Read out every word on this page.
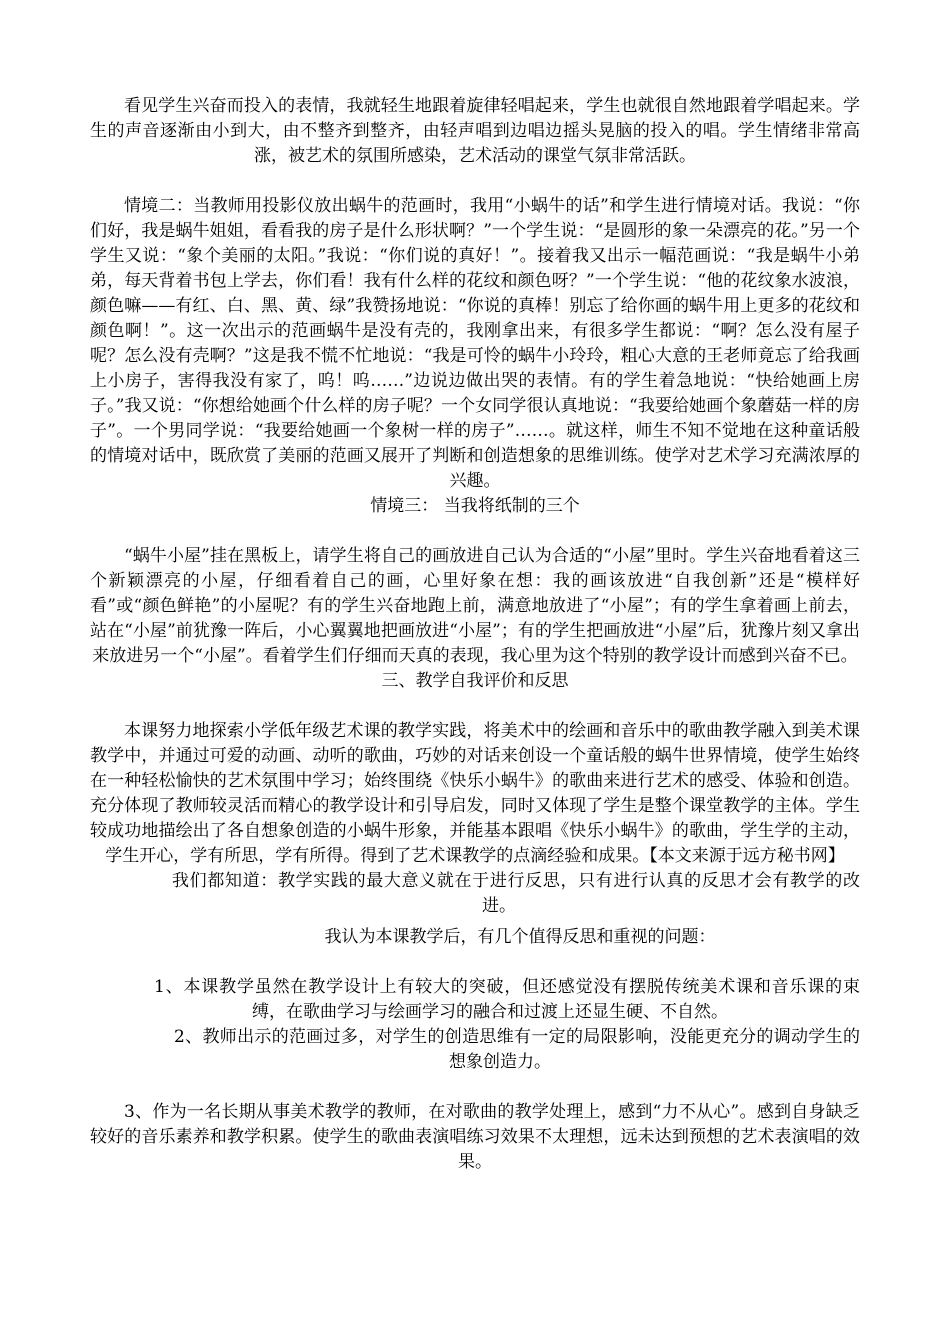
看见学生兴奋而投入的表情，我就轻生地跟着旋律轻唱起来，学生也就很自然地跟着学唱起来。学生的声音逐渐由小到大，由不整齐到整齐，由轻声唱到边唱边摇头晃脑的投入的唱。学生情绪非常高涨，被艺术的氛围所感染，艺术活动的课堂气氛非常活跃。

情境二：当教师用投影仪放出蜗牛的范画时，我用“小蜗牛的话”和学生进行情境对话。我说：“你们好，我是蜗牛姐姐，看看我的房子是什么形状啊？”一个学生说：“是圆形的象一朵漂亮的花。”另一个学生又说：“象个美丽的太阳。”我说：“你们说的真好！”。接着我又出示一幅范画说：“我是蜗牛小弟弟，每天背着书包上学去，你们看！我有什么样的花纹和颜色呀？”一个学生说：“他的花纹象水波浪，颜色嘛——有红、白、黑、黄、绿”我赞扬地说：“你说的真棒！别忘了给你画的蜗牛用上更多的花纹和颜色啊！”。这一次出示的范画蜗牛是没有壳的，我刚拿出来，有很多学生都说：“啊？怎么没有屋子呢？怎么没有壳啊？”这是我不慌不忙地说：“我是可怜的蜗牛小玲玲，粗心大意的王老师竟忘了给我画上小房子，害得我没有家了，呜！呜……”边说边做出哭的表情。有的学生着急地说：“快给她画上房子。”我又说：“你想给她画个什么样的房子呢？一个女同学很认真地说：“我要给她画个象蘑菇一样的房子”。一个男同学说：“我要给她画一个象树一样的房子”……。就这样，师生不知不觉地在这种童话般的情境对话中，既欣赏了美丽的范画又展开了判断和创造想象的思维训练。使学对艺术学习充满浓厚的兴趣。

情境三： 当我将纸制的三个

“蜗牛小屋”挂在黑板上，请学生将自己的画放进自己认为合适的“小屋”里时。学生兴奋地看着这三个新颖漂亮的小屋，仔细看着自己的画，心里好象在想：我的画该放进“自我创新”还是“模样好看”或“颜色鲜艳”的小屋呢？有的学生兴奋地跑上前，满意地放进了“小屋”；有的学生拿着画上前去，站在“小屋”前犹豫一阵后，小心翼翼地把画放进“小屋”；有的学生把画放进“小屋”后，犹豫片刻又拿出来放进另一个“小屋”。看着学生们仔细而天真的表现，我心里为这个特别的教学设计而感到兴奋不已。

三、教学自我评价和反思

本课努力地探索小学低年级艺术课的教学实践，将美术中的绘画和音乐中的歌曲教学融入到美术课教学中，并通过可爱的动画、动听的歌曲，巧妙的对话来创设一个童话般的蜗牛世界情境，使学生始终在一种轻松愉快的艺术氛围中学习；始终围绕《快乐小蜗牛》的歌曲来进行艺术的感受、体验和创造。充分体现了教师较灵活而精心的教学设计和引导启发，同时又体现了学生是整个课堂教学的主体。学生较成功地描绘出了各自想象创造的小蜗牛形象，并能基本跟唱《快乐小蜗牛》的歌曲，学生学的主动，学生开心，学有所思，学有所得。得到了艺术课教学的点滴经验和成果。【本文来源于远方秘书网】

我们都知道：教学实践的最大意义就在于进行反思，只有进行认真的反思才会有教学的改进。

我认为本课教学后，有几个值得反思和重视的问题：

1、本课教学虽然在教学设计上有较大的突破，但还感觉没有摆脱传统美术课和音乐课的束缚，在歌曲学习与绘画学习的融合和过渡上还显生硬、不自然。

2、教师出示的范画过多，对学生的创造思维有一定的局限影响，没能更充分的调动学生的想象创造力。

3、作为一名长期从事美术教学的教师，在对歌曲的教学处理上，感到“力不从心”。感到自身缺乏较好的音乐素养和教学积累。使学生的歌曲表演唱练习效果不太理想，远未达到预想的艺术表演唱的效果。
